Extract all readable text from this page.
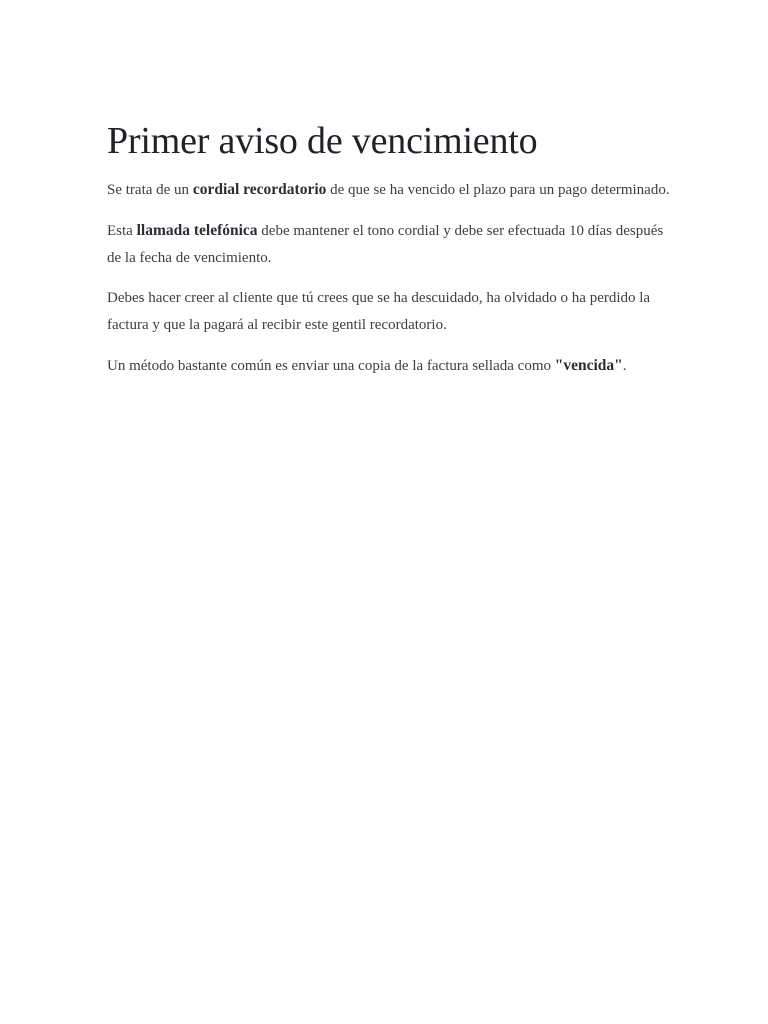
Primer aviso de vencimiento

Se trata de un cordial recordatorio de que se ha vencido el plazo para un pago determinado.

Esta llamada telefónica debe mantener el tono cordial y debe ser efectuada 10 días después de la fecha de vencimiento.

Debes hacer creer al cliente que tú crees que se ha descuidado, ha olvidado o ha perdido la factura y que la pagará al recibir este gentil recordatorio.

Un método bastante común es enviar una copia de la factura sellada como "vencida".
